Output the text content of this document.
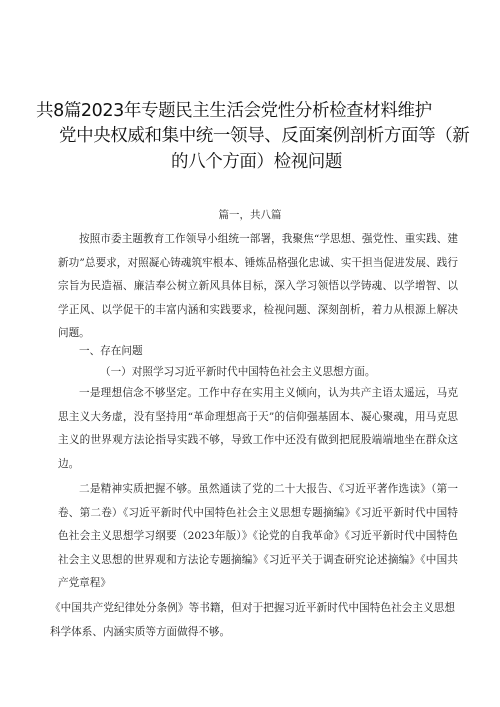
共8篇2023年专题民主生活会党性分析检查材料维护
党中央权威和集中统一领导、反面案例剖析方面等（新
的八个方面）检视问题
篇一，共八篇

按照市委主题教育工作领导小组统一部署，我聚焦“学思想、强党性、重实践、建新功”总要求，对照凝心铸魂筑牢根本、锤炼品格强化忠诚、实干担当促进发展、践行宗旨为民造福、廉洁奉公树立新风具体目标，深入学习领悟以学铸魂、以学增智、以学正风、以学促干的丰富内涵和实践要求，检视问题、深刻剖析，着力从根源上解决问题。

一、存在问题
（一）对照学习习近平新时代中国特色社会主义思想方面。

一是理想信念不够坚定。工作中存在实用主义倾向，认为共产主语太遥远，马克思主义大务虚，没有坚持用“革命理想高于天”的信仰强基固本、凝心聚魂，用马克思主义的世界观方法论指导实践不够，导致工作中还没有做到把屁股端端地坐在群众这边。

二是精神实质把握不够。虽然通读了党的二十大报告、《习近平著作选读》（第一卷、第二卷）《习近平新时代中国特色社会主义思想专题摘编》《习近平新时代中国特色社会主义思想学习纲要（2023年版）》《论党的自我革命》《习近平新时代中国特色社会主义思想的世界观和方法论专题摘编》《习近平关于调查研究论述摘编》《中国共产党章程》

《中国共产党纪律处分条例》等书籍，但对于把握习近平新时代中国特色社会主义思想科学体系、内涵实质等方面做得不够。
